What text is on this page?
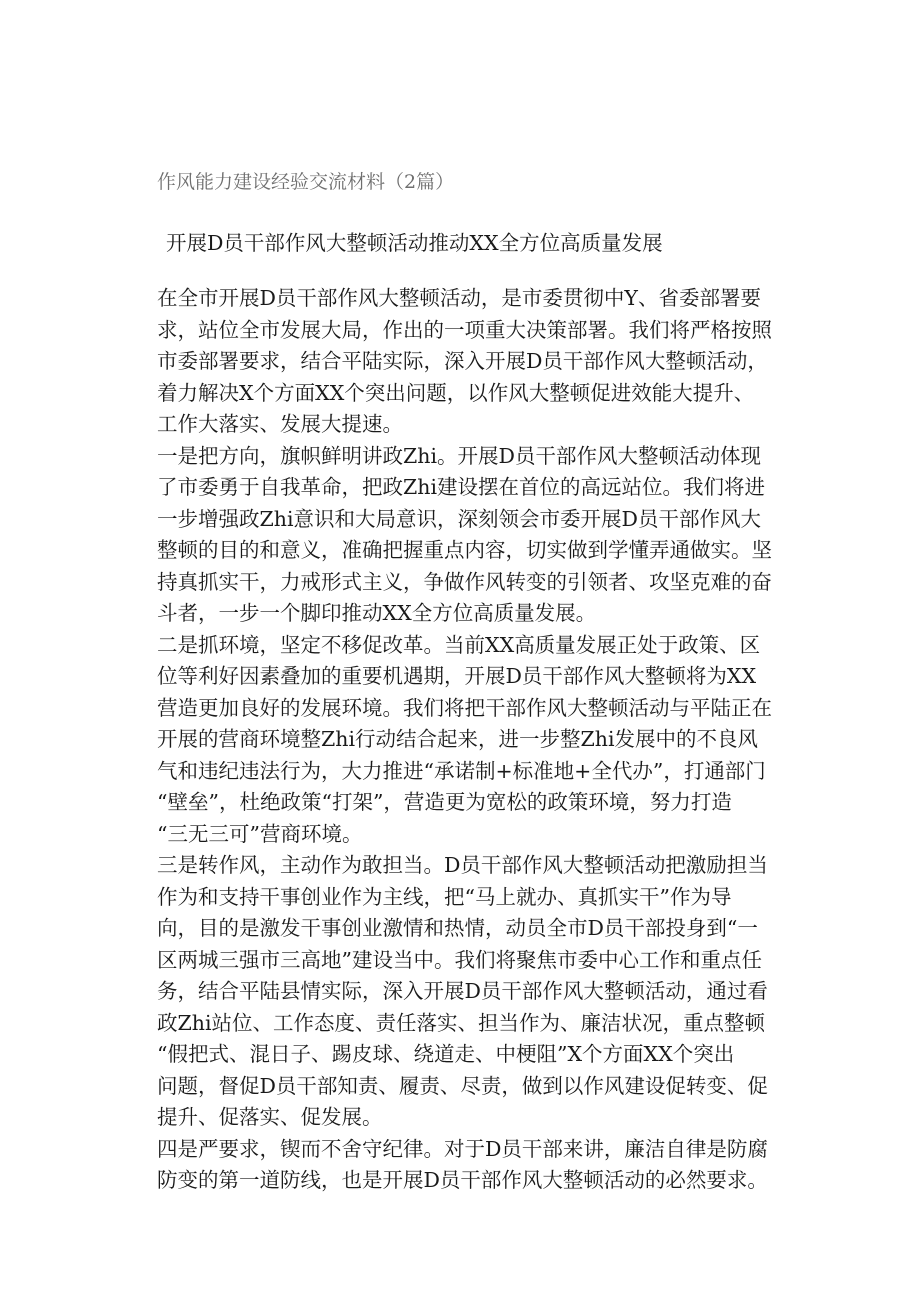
作风能力建设经验交流材料（2篇）
开展D员干部作风大整顿活动推动XX全方位高质量发展
在全市开展D员干部作风大整顿活动，是市委贯彻中Y、省委部署要
求，站位全市发展大局，作出的一项重大决策部署。我们将严格按照
市委部署要求，结合平陆实际，深入开展D员干部作风大整顿活动，
着力解决X个方面XX个突出问题，以作风大整顿促进效能大提升、
工作大落实、发展大提速。
一是把方向，旗帜鲜明讲政Zhi。开展D员干部作风大整顿活动体现
了市委勇于自我革命，把政Zhi建设摆在首位的高远站位。我们将进
一步增强政Zhi意识和大局意识，深刻领会市委开展D员干部作风大
整顿的目的和意义，准确把握重点内容，切实做到学懂弄通做实。坚
持真抓实干，力戒形式主义，争做作风转变的引领者、攻坚克难的奋
斗者，一步一个脚印推动XX全方位高质量发展。
二是抓环境，坚定不移促改革。当前XX高质量发展正处于政策、区
位等利好因素叠加的重要机遇期，开展D员干部作风大整顿将为XX
营造更加良好的发展环境。我们将把干部作风大整顿活动与平陆正在
开展的营商环境整Zhi行动结合起来，进一步整Zhi发展中的不良风
气和违纪违法行为，大力推进“承诺制+标准地+全代办”，打通部门
“壁垒”，杜绝政策“打架”，营造更为宽松的政策环境，努力打造
“三无三可”营商环境。
三是转作风，主动作为敢担当。D员干部作风大整顿活动把激励担当
作为和支持干事创业作为主线，把“马上就办、真抓实干”作为导
向，目的是激发干事创业激情和热情，动员全市D员干部投身到“一
区两城三强市三高地”建设当中。我们将聚焦市委中心工作和重点任
务，结合平陆县情实际，深入开展D员干部作风大整顿活动，通过看
政Zhi站位、工作态度、责任落实、担当作为、廉洁状况，重点整顿
“假把式、混日子、踢皮球、绕道走、中梗阻”X个方面XX个突出
问题，督促D员干部知责、履责、尽责，做到以作风建设促转变、促
提升、促落实、促发展。
四是严要求，锲而不舍守纪律。对于D员干部来讲，廉洁自律是防腐
防变的第一道防线，也是开展D员干部作风大整顿活动的必然要求。
